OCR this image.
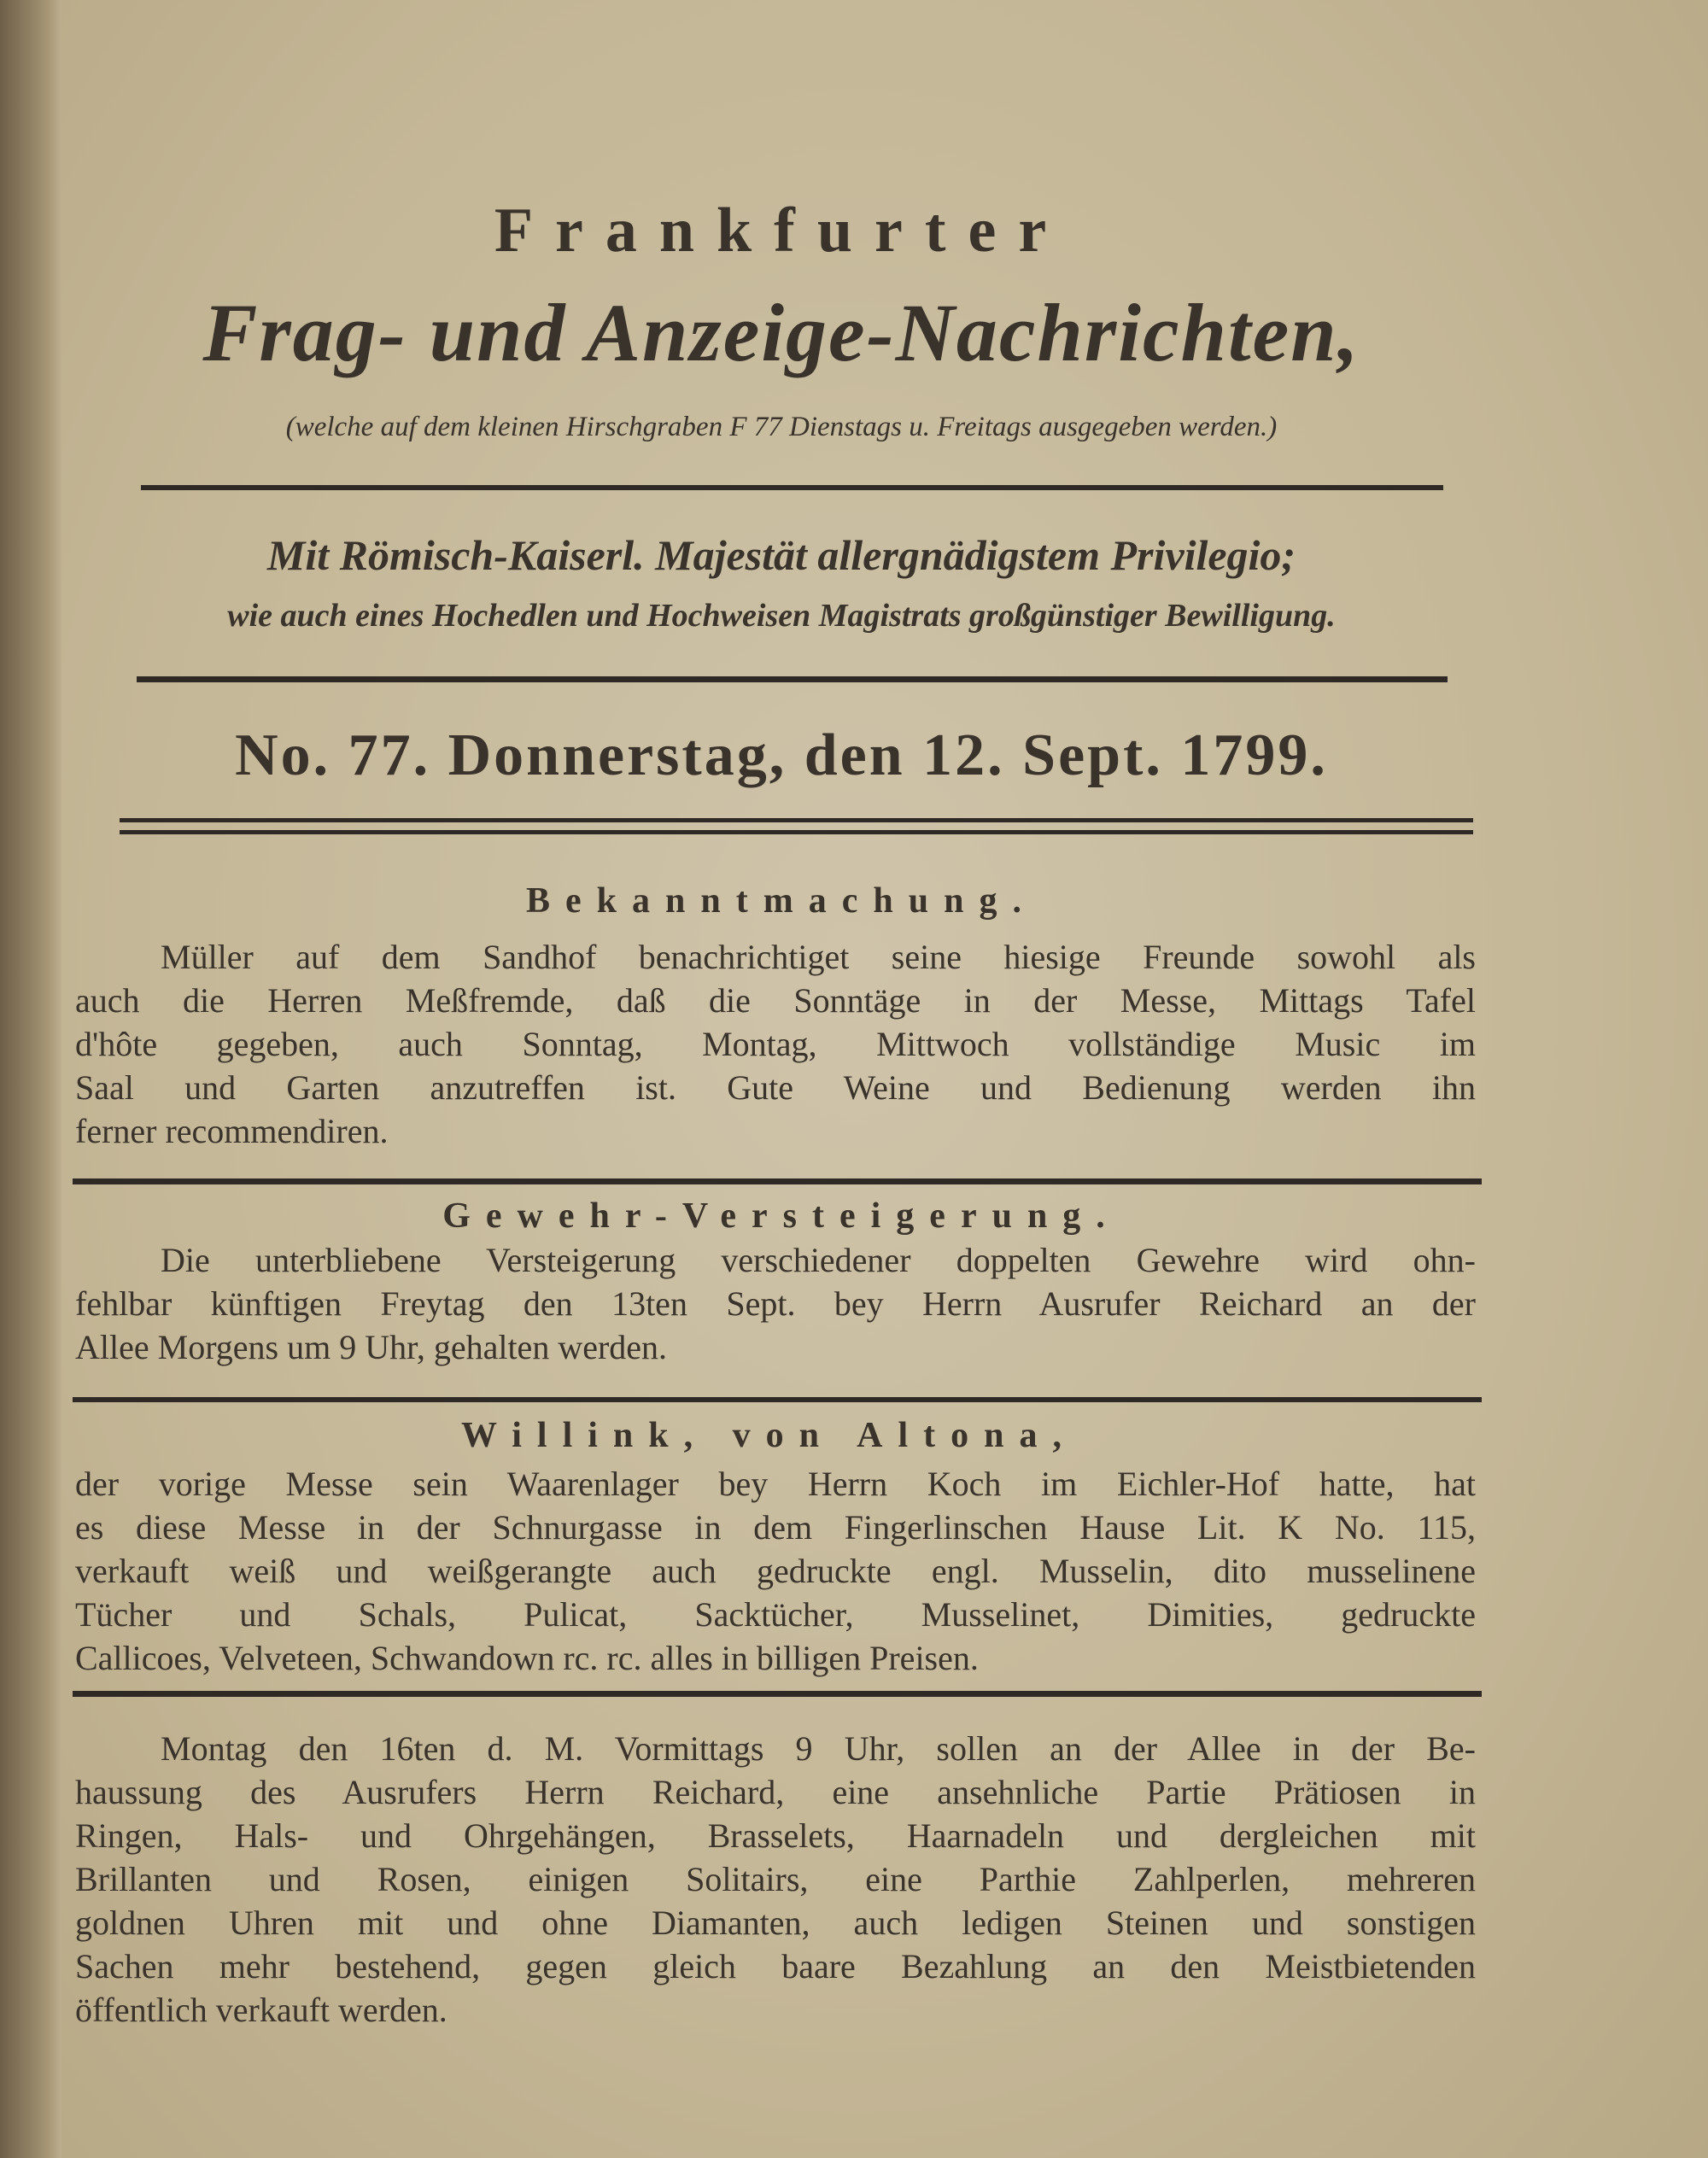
Frankfurter
Frag- und Anzeige-Nachrichten,
(welche auf dem kleinen Hirschgraben F 77 Dienstags u. Freitags ausgegeben werden.)
Mit Römisch-Kaiserl. Majestät allergnädigstem Privilegio;
wie auch eines Hochedlen und Hochweisen Magistrats großgünstiger Bewilligung.
No. 77. Donnerstag, den 12. Sept. 1799.
Bekanntmachung.
Müller auf dem Sandhof benachrichtiget seine hiesige Freunde sowohl als
auch die Herren Meßfremde, daß die Sonntäge in der Messe, Mittags Tafel
d'hôte gegeben, auch Sonntag, Montag, Mittwoch vollständige Music im
Saal und Garten anzutreffen ist. Gute Weine und Bedienung werden ihn
ferner recommendiren.
Gewehr-Versteigerung.
Die unterbliebene Versteigerung verschiedener doppelten Gewehre wird ohn-
fehlbar künftigen Freytag den 13ten Sept. bey Herrn Ausrufer Reichard an der
Allee Morgens um 9 Uhr, gehalten werden.
Willink, von Altona,
der vorige Messe sein Waarenlager bey Herrn Koch im Eichler-Hof hatte, hat
es diese Messe in der Schnurgasse in dem Fingerlinschen Hause Lit. K No. 115,
verkauft weiß und weißgerangte auch gedruckte engl. Musselin, dito musselinene
Tücher und Schals, Pulicat, Sacktücher, Musselinet, Dimities, gedruckte
Callicoes, Velveteen, Schwandown rc. rc. alles in billigen Preisen.
Montag den 16ten d. M. Vormittags 9 Uhr, sollen an der Allee in der Be-
haussung des Ausrufers Herrn Reichard, eine ansehnliche Partie Prätiosen in
Ringen, Hals- und Ohrgehängen, Brasselets, Haarnadeln und dergleichen mit
Brillanten und Rosen, einigen Solitairs, eine Parthie Zahlperlen, mehreren
goldnen Uhren mit und ohne Diamanten, auch ledigen Steinen und sonstigen
Sachen mehr bestehend, gegen gleich baare Bezahlung an den Meistbietenden
öffentlich verkauft werden.
